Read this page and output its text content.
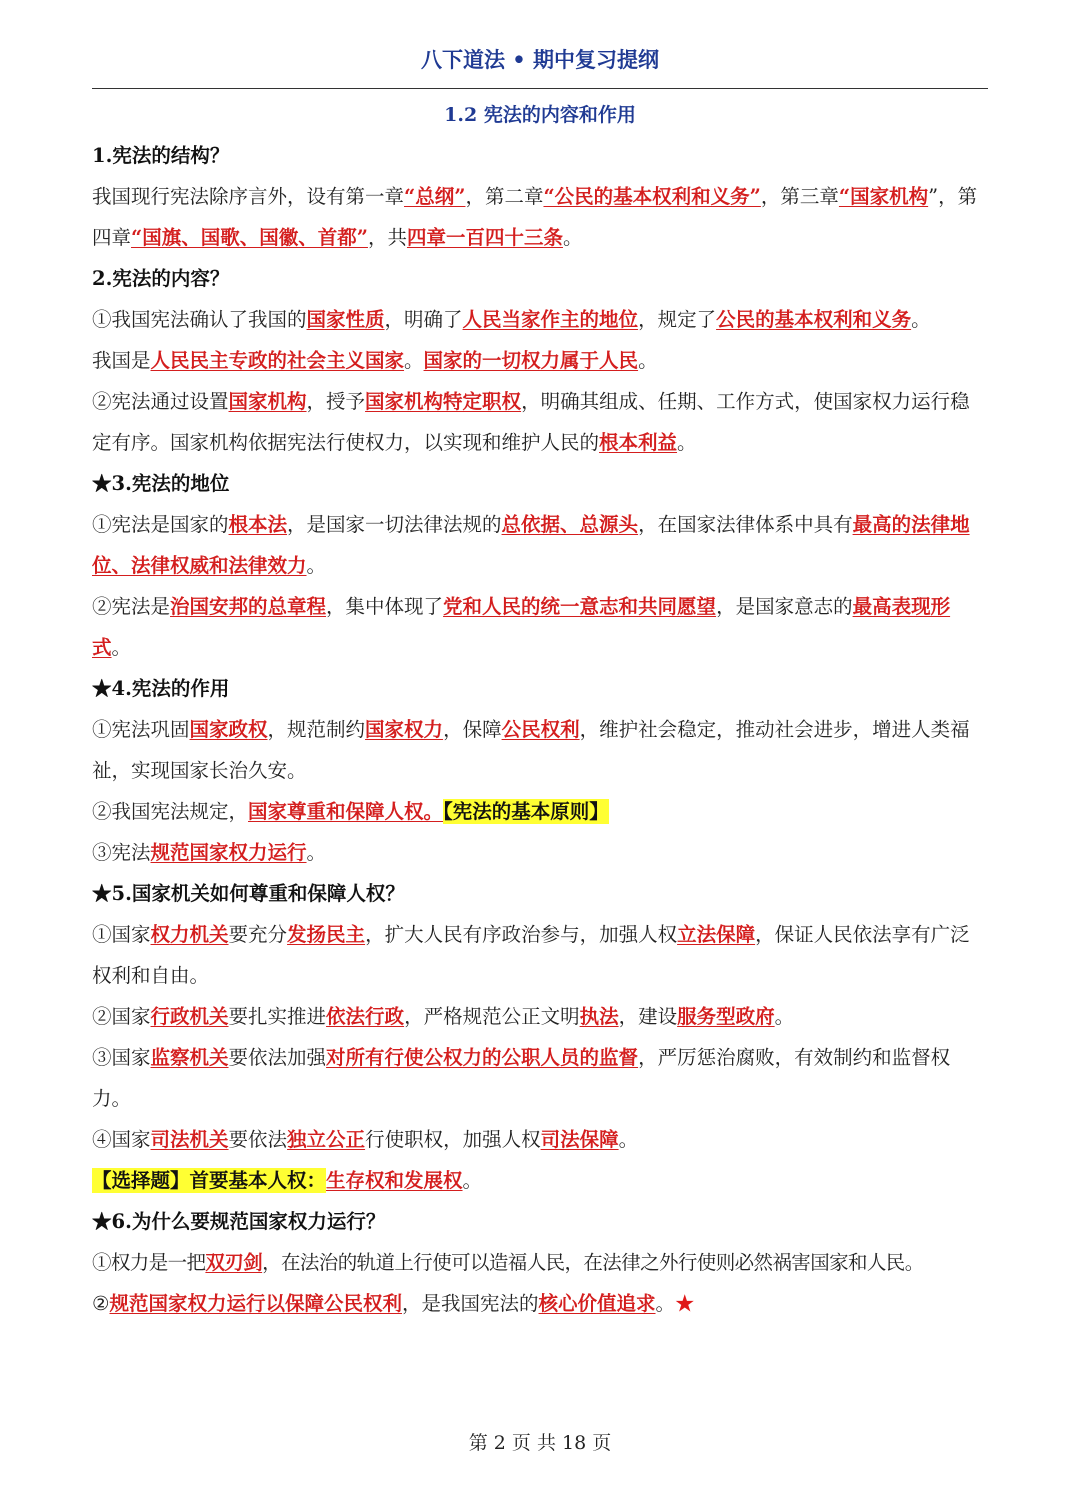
八下道法 • 期中复习提纲
1.2 宪法的内容和作用

1.宪法的结构？

我国现行宪法除序言外，设有第一章“总纲”，第二章“公民的基本权利和义务”，第三章“国家机构”，第四章“国旗、国歌、国徽、首都”，共四章一百四十三条。

2.宪法的内容？

①我国宪法确认了我国的国家性质，明确了人民当家作主的地位，规定了公民的基本权利和义务。

我国是人民民主专政的社会主义国家。国家的一切权力属于人民。

②宪法通过设置国家机构，授予国家机构特定职权，明确其组成、任期、工作方式，使国家权力运行稳定有序。国家机构依据宪法行使权力，以实现和维护人民的根本利益。

★3.宪法的地位

①宪法是国家的根本法，是国家一切法律法规的总依据、总源头，在国家法律体系中具有最高的法律地位、法律权威和法律效力。

②宪法是治国安邦的总章程，集中体现了党和人民的统一意志和共同愿望，是国家意志的最高表现形式。

★4.宪法的作用

①宪法巩固国家政权，规范制约国家权力，保障公民权利，维护社会稳定，推动社会进步，增进人类福祉，实现国家长治久安。

②我国宪法规定，国家尊重和保障人权。【宪法的基本原则】

③宪法规范国家权力运行。

★5.国家机关如何尊重和保障人权？

①国家权力机关要充分发扬民主，扩大人民有序政治参与，加强人权立法保障，保证人民依法享有广泛权利和自由。

②国家行政机关要扎实推进依法行政，严格规范公正文明执法，建设服务型政府。

③国家监察机关要依法加强对所有行使公权力的公职人员的监督，严厉惩治腐败，有效制约和监督权力。

④国家司法机关要依法独立公正行使职权，加强人权司法保障。

【选择题】首要基本人权：生存权和发展权。

★6.为什么要规范国家权力运行？

①权力是一把双刃剑，在法治的轨道上行使可以造福人民，在法律之外行使则必然祸害国家和人民。

②规范国家权力运行以保障公民权利，是我国宪法的核心价值追求。★

第 2 页 共 18 页
